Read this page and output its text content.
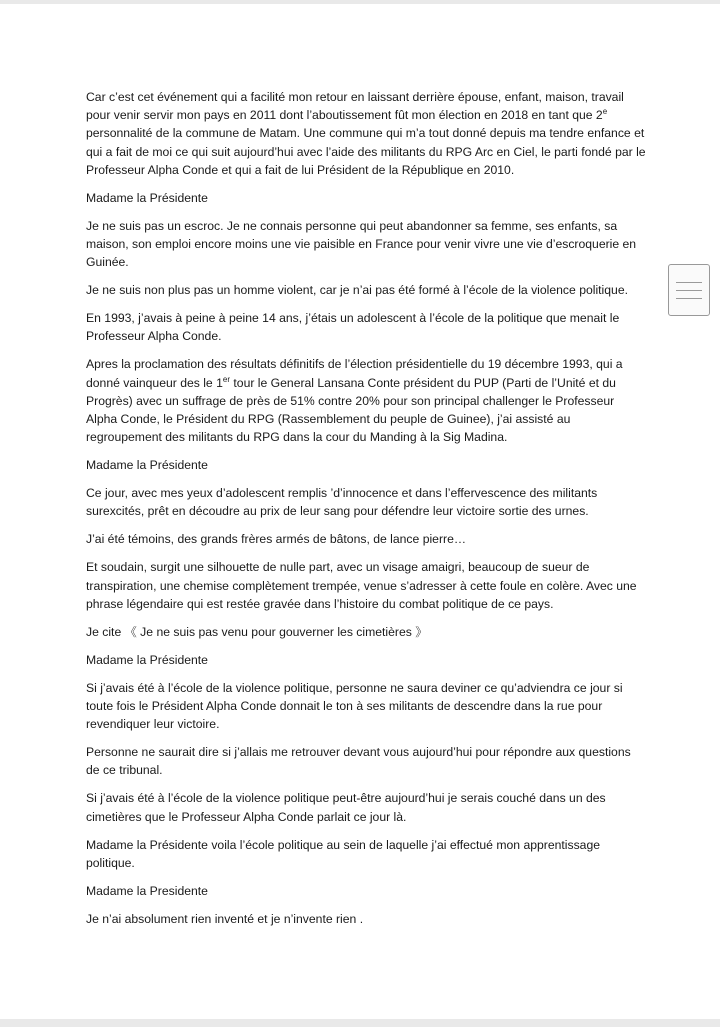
Car c’est cet événement qui a facilité mon retour en laissant derrière épouse, enfant, maison, travail pour venir servir mon pays en 2011 dont l’aboutissement fût mon élection en 2018 en tant que 2e personnalité de la commune de Matam. Une commune qui m’a tout donné depuis ma tendre enfance et qui a fait de moi ce qui suit aujourd’hui avec l’aide des militants du RPG Arc en Ciel, le parti fondé par le Professeur Alpha Conde et qui a fait de lui Président de la République en 2010.

Madame la Présidente

Je ne suis pas un escroc. Je ne connais personne qui peut abandonner sa femme, ses enfants, sa maison, son emploi encore moins une vie paisible en France pour venir vivre une vie d’escroquerie en Guinée.

Je ne suis non plus pas un homme violent, car je n’ai pas été formé à l’école de la violence politique.

En 1993, j’avais à peine à peine 14 ans, j’étais un adolescent à l’école de la politique que menait le Professeur Alpha Conde.

Apres la proclamation des résultats définitifs de l’élection présidentielle du 19 décembre 1993, qui a donné vainqueur des le 1er tour le General Lansana Conte président du PUP (Parti de l’Unité et du Progrès) avec un suffrage de près de 51% contre 20% pour son principal challenger le Professeur Alpha Conde, le Président du RPG (Rassemblement du peuple de Guinee), j’ai assisté au regroupement des militants du RPG dans la cour du Manding à la Sig Madina.

Madame la Présidente

Ce jour, avec mes yeux d’adolescent remplis ’d’innocence et dans l’effervescence des militants surexcités, prêt en découdre au prix de leur sang pour défendre leur victoire sortie des urnes.

J’ai été témoins, des grands frères armés de bâtons, de lance pierre…

Et soudain, surgit une silhouette de nulle part, avec un visage amaigri, beaucoup de sueur de transpiration, une chemise complètement trempée, venue s’adresser à cette foule en colère. Avec une phrase légendaire qui est restée gravée dans l’histoire du combat politique de ce pays.

Je cite 《 Je ne suis pas venu pour gouverner les cimetières 》

Madame la Présidente

Si j’avais été à l’école de la violence politique, personne ne saura deviner ce qu’adviendra ce jour si toute fois le Président Alpha Conde donnait le ton à ses militants de descendre dans la rue pour revendiquer leur victoire.

Personne ne saurait dire si j’allais me retrouver devant vous aujourd’hui pour répondre aux questions de ce tribunal.

Si j’avais été à l’école de la violence politique peut-être aujourd’hui je serais couché dans un des cimetières que le Professeur Alpha Conde parlait ce jour là.

Madame la Présidente voila l’école politique au sein de laquelle j’ai effectué mon apprentissage politique.

Madame la Presidente

Je n’ai absolument rien inventé et je n’invente rien .
